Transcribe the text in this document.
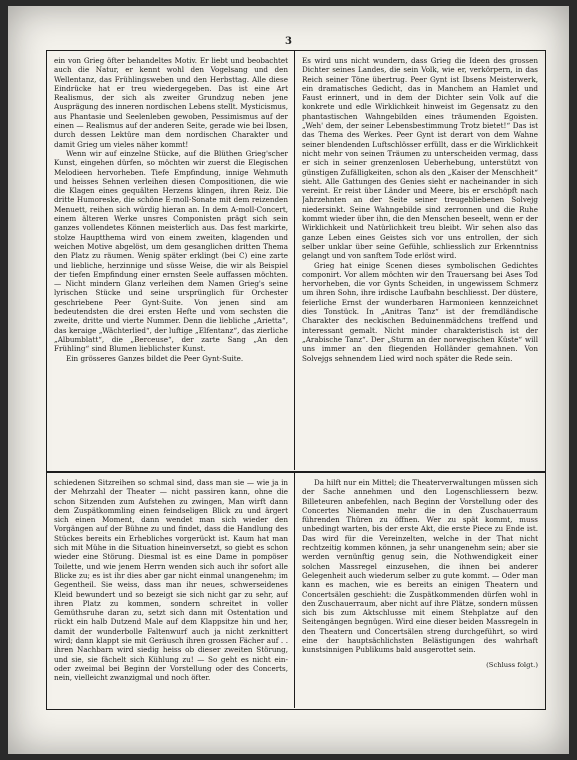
3

ein von Grieg öfter behandeltes Motiv. Er liebt und beobachtet auch die Natur, er kennt wohl den Vogelsang und den Wellentanz, das Frühlingsweben und den Herbsttag. Alle diese Eindrücke hat er treu wiedergegeben. Das ist eine Art Realismus, der sich als zweiter Grundzug neben jene Ausprägung des inneren nordischen Lebens stellt. Mysticismus, aus Phantasie und Seelenleben gewoben, Pessimismus auf der einen — Realismus auf der anderen Seite, gerade wie bei Ibsen, durch dessen Lektüre man dem nordischen Charakter und damit Grieg um vieles näher kommt!

Wenn wir auf einzelne Stücke, auf die Blüthen Grieg'scher Kunst, eingehen dürfen, so möchten wir zuerst die Elegischen Melodieen hervorheben. Tiefe Empfindung, innige Wehmuth und heisses Sehnen verleihen diesen Compositionen, die wie die Klagen eines gequälten Herzens klingen, ihren Reiz. Die dritte Humoreske, die schöne E-moll-Sonate mit dem reizenden Menuett, reihen sich würdig hieran an. In dem A-moll-Concert, einem älteren Werke unsres Componisten prägt sich sein ganzes vollendetes Können meisterlich aus. Das fest markirte, stolze Hauptthema wird von einem zweiten, klagenden und weichen Motive abgelöst, um dem gesanglichen dritten Thema den Platz zu räumen. Wenig später erklingt (bei C) eine zarte und liebliche, herzinnige und süsse Weise, die wir als Beispiel der tiefen Empfindung einer ernsten Seele auffassen möchten. — Nicht mindern Glanz verleihen dem Namen Grieg's seine lyrischen Stücke und seine ursprünglich für Orchester geschriebene Peer Gynt-Suite. Von jenen sind am bedeutendsten die drei ersten Hefte und vom sechsten die zweite, dritte und vierte Nummer. Denn die liebliche „Arietta“, das keraige „Wächterlied“, der luftige „Elfentanz“, das zierliche „Albumblatt“, die „Berceuse“, der zarte Sang „An den Frühling“ sind Blumen lieblichster Kunst.

Ein grösseres Ganzes bildet die Peer Gynt-Suite.

Es wird uns nicht wundern, dass Grieg die Ideen des grossen Dichter seines Landes, die sein Volk, wie er, verkörpern, in das Reich seiner Töne übertrug. Peer Gynt ist Ibsens Meisterwerk, ein dramatisches Gedicht, das in Manchem an Hamlet und Faust erinnert, und in dem der Dichter sein Volk auf die konkrete und edle Wirklichkeit hinweist im Gegensatz zu den phantastischen Wahngebilden eines träumenden Egoisten. „Weh' dem, der seiner Lebensbestimmung Trotz bietet!“ Das ist das Thema des Werkes. Peer Gynt ist derart von dem Wahne seiner blendenden Luftschlösser erfüllt, dass er die Wirklichkeit nicht mehr von seinen Träumen zu unterscheiden vermag, dass er sich in seiner grenzenlosen Ueberhebung, unterstützt von günstigen Zufälligkeiten, schon als den „Kaiser der Menschheit“ sieht. Alle Gattungen des Genies sieht er nacheinander in sich vereint. Er reist über Länder und Meere, bis er erschöpft nach Jahrzehnten an der Seite seiner treugebliebenen Solvejg niedersinkt. Seine Wahngebilde sind zerronnen und die Ruhe kommt wieder über ihn, die den Menschen beseelt, wenn er der Wirklichkeit und Natürlichkeit treu bleibt. Wir sehen also das ganze Leben eines Geistes sich vor uns entrollen, der sich selber unklar über seine Gefühle, schliesslich zur Erkenntniss gelangt und von sanftem Tode erlöst wird.

Grieg hat einige Scenen dieses symbolischen Gedichtes componirt. Vor allem möchten wir den Trauersang bei Ases Tod hervorheben, die vor Gynts Scheiden, in ungewissem Schmerz um ihren Sohn, ihre irdische Laufbahn beschliesst. Der düstere, feierliche Ernst der wunderbaren Harmonieen kennzeichnet dies Tonstück. In „Anitras Tanz“ ist der fremdländische Charakter des neckischen Beduinenmädchens treffend und interessant gemalt. Nicht minder charakteristisch ist der „Arabische Tanz“. Der „Sturm an der norwegischen Küste“ will uns immer an den fliegenden Holländer gemahnen. Von Solvejgs sehnendem Lied wird noch später die Rede sein.

schiedenen Sitzreihen so schmal sind, dass man sie — wie ja in der Mehrzahl der Theater — nicht passiren kann, ohne die schon Sitzenden zum Aufstehen zu zwingen, Man wirft dann dem Zuspätkommling einen feindseligen Blick zu und ärgert sich einen Moment, dann wendet man sich wieder den Vorgängen auf der Bühne zu und findet, dass die Handlung des Stückes bereits ein Erhebliches vorgerückt ist. Kaum hat man sich mit Mühe in die Situation hineinversetzt, so giebt es schon wieder eine Störung. Diesmal ist es eine Dame in pompöser Toilette, und wie jenem Herrn wenden sich auch ihr sofort alle Blicke zu; es ist ihr dies aber gar nicht einmal unangenehm; im Gegentheil. Sie weiss, dass man ihr neues, schwerseidenes Kleid bewundert und so bezeigt sie sich nicht gar zu sehr, auf ihren Platz zu kommen, sondern schreitet in voller Gemüthsruhe daran zu, setzt sich dann mit Ostentation und rückt ein halb Dutzend Male auf dem Klappsitze hin und her, damit der wunderbolle Faltenwurf auch ja nicht zerknittert wird; dann klappt sie mit Geräusch ihren grossen Fächer auf . . ihren Nachbarn wird siedig heiss ob dieser zweiten Störung, und sie, sie fächelt sich Kühlung zu! — So geht es nicht ein- oder zweimal bei Beginn der Vorstellung oder des Concerts, nein, vielleicht zwanzigmal und noch öfter.

Da hilft nur ein Mittel; die Theaterverwaltungen müssen sich der Sache annehmen und den Logenschliessern bezw. Billeteuren anbefehlen, nach Beginn der Vorstellung oder des Concertes Niemanden mehr die in den Zuschauerraum führenden Thüren zu öffnen. Wer zu spät kommt, muss unbedingt warten, bis der erste Akt, die erste Piece zu Ende ist. Das wird für die Vereinzelten, welche in der That nicht rechtzeitig kommen können, ja sehr unangenehm sein; aber sie werden vernünftig genug sein, die Nothwendigkeit einer solchen Massregel einzusehen, die ihnen bei anderer Gelegenheit auch wiederum selber zu gute kommt. — Oder man kann es machen, wie es bereits an einigen Theatern und Concertsälen geschieht: die Zuspätkommenden dürfen wohl in den Zuschauerraum, aber nicht auf ihre Plätze, sondern müssen sich bis zum Aktschlusse mit einem Stehplatze auf den Seitengängen begnügen. Wird eine dieser beiden Massregeln in den Theatern und Concertsälen streng durchgeführt, so wird eine der hauptsächlichsten Belästigungen des wahrhaft kunstsinnigen Publikums bald ausgerottet sein.

(Schluss folgt.)
